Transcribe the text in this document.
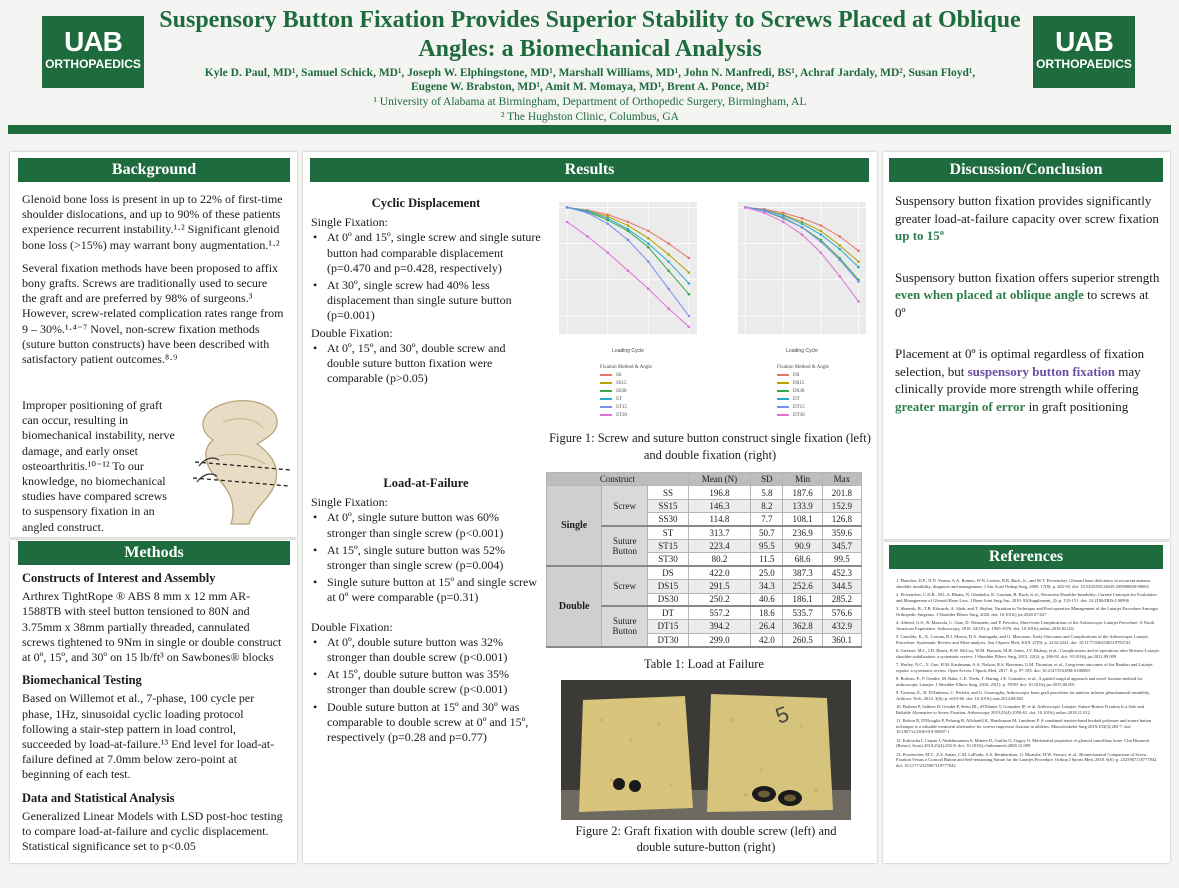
UAB
ORTHOPAEDICS
UAB
ORTHOPAEDICS
Suspensory Button Fixation Provides Superior Stability to Screws Placed at Oblique Angles: a Biomechanical Analysis
Kyle D. Paul, MD¹, Samuel Schick, MD¹, Joseph W. Elphingstone, MD¹, Marshall Williams, MD¹, John N. Manfredi, BS¹, Achraf Jardaly, MD², Susan Floyd¹,
Eugene W. Brabston, MD¹, Amit M. Momaya, MD¹, Brent A. Ponce, MD²
¹ University of Alabama at Birmingham, Department of Orthopedic Surgery, Birmingham, AL
² The Hughston Clinic, Columbus, GA
Background

Glenoid bone loss is present in up to 22% of first-time shoulder dislocations, and up to 90% of these patients experience recurrent instability.¹·² Significant glenoid bone loss (>15%) may warrant bony augmentation.¹·²

Several fixation methods have been proposed to affix bony grafts. Screws are traditionally used to secure the graft and are preferred by 98% of surgeons.³ However, screw-related complication rates range from 9 – 30%.¹·⁴⁻⁷ Novel, non-screw fixation methods (suture button constructs) have been described with satisfactory patient outcomes.⁸·⁹

Improper positioning of graft can occur, resulting in biomechanical instability, nerve damage, and early onset osteoarthritis.¹⁰⁻¹² To our knowledge, no biomechanical studies have compared screws to suspensory fixation in an angled construct.
Methods
Constructs of Interest and Assembly

Arthrex TightRope ® ABS 8 mm x 12 mm AR-1588TB with steel button tensioned to 80N and 3.75mm x 38mm partially threaded, cannulated screws tightened to 9Nm in single or double construct at 0º, 15º, and 30º on 15 lb/ft³ on Sawbones® blocks

Biomechanical Testing

Based on Willemot et al., 7-phase, 100 cycle per phase, 1Hz, sinusoidal cyclic loading protocol following a stair-step pattern in load control, succeeded by load-at-failure.¹³ End level for load-at-failure defined at 7.0mm below zero-point at beginning of each test.

Data and Statistical Analysis

Generalized Linear Models with LSD post-hoc testing to compare load-at-failure and cyclic displacement. Statistical significance set to p<0.05

Results
Cyclic Displacement
Single Fixation:
• At 0º and 15º, single screw and single suture button had comparable displacement (p=0.470 and p=0.428, respectively)
• At 30º, single screw had 40% less displacement than single suture button (p=0.001)
Double Fixation:
• At 0º, 15º, and 30º, double screw and double suture button fixation were comparable (p>0.05)
Load-at-Failure
Single Fixation:
• At 0º, single suture button was 60% stronger than single screw (p<0.001)
• At 15º, single suture button was 52% stronger than single screw (p=0.004)
• Single suture button at 15º and single screw at 0º were comparable (p=0.31)
Double Fixation:
• At 0º, double suture button was 32% stronger than double screw (p<0.001)
• At 15º, double suture button was 35% stronger than double screw (p<0.001)
• Double suture button at 15º and 30º was comparable to double screw at 0º and 15º, respectively (p=0.28 and p=0.77)
Loading Cycle	Loading Cycle
Fixation Method & Angle
SS
SS15
SS30
ST
ST15
ST30
Fixation Method & Angle
DS
DS15
DS30
DT
DT15
DT30
Figure 1: Screw and suture button construct single fixation (left) and double fixation (right)
Construct			Mean (N)	SD	Min	Max
Single	Screw	SS	196.8	5.8	187.6	201.8
		SS15	146.3	8.2	133.9	152.9
		SS30	114.8	7.7	108.1	126.8
	Suture Button	ST	313.7	50.7	236.9	359.6
		ST15	223.4	95.5	90.9	345.7
		ST30	80.2	11.5	68.6	99.5
Double	Screw	DS	422.0	25.0	387.3	452.3
		DS15	291.5	34.3	252.6	344.5
		DS30	250.2	40.6	186.1	285.2
	Suture Button	DT	557.2	18.6	535.7	576.6
		DT15	394.2	26.4	362.8	432.9
		DT30	299.0	42.0	260.5	360.1
Table 1: Load at Failure
5
Figure 2: Graft fixation with double screw (left) and double suture-button (right)
Discussion/Conclusion

Suspensory button fixation provides significantly greater load-at-failure capacity over screw fixation up to 15º

Suspensory button fixation offers superior strength even when placed at oblique angle to screws at 0º

Placement at 0º is optimal regardless of fixation selection, but suspensory button fixation may clinically provide more strength while offering greater margin of error in graft positioning

References
1. Plancher, D.P., N.N. Verma, A.A. Romeo, W.N. Levine, B.R. Bach, Jr., and M.T. Provencher, Glenoid bone deficiency in recurrent anterior shoulder instability: diagnosis and management. J Am Acad Orthop Surg, 2009. 17(8): p. 482-93. doi: 10.5435/00124635-200908000-00002
2. Provencher, C.D.R., M.L.S. Bhatia, N. Ghodadra, R. Gruman, B. Bach, et al., Recurrent Shoulder Instability: Current Concepts for Evaluation and Management of Glenoid Bone Loss. J Bone Joint Surg Am, 2010. 92(Supplement_2): p. 133-151. doi: 10.2106/JBJS.J.00906
3. Shanesh, B., T.B. Edwards, A. Shah, and T. Shybut, Variation in Technique and Post-operative Management of the Latarjet Procedure Amongst Orthopedic Surgeons. J Shoulder Elbow Surg, 2020. doi: 10.1016/j.jse.2020.07.027
4. Atlered, G.S., R. Mazzola, C. Gatz, D. Wainstein, and P. Favorito, Short-term Complications of the Arthroscopic Latarjet Procedure: A North American Experience. Arthroscopy, 2016. 32(10): p. 1965-1970. doi: 10.1016/j.arthro.2016.02.022
5. Castaldo, K., K. Corona, B.J. Morris, D.A. Santagada, and G. Maccauro, Early Outcomes and Complications of the Arthroscopic Latarjet Procedure: Systematic Review and Meta-analysis. Am J Sports Med, 2019. 47(9): p. 2232-2241. doi: 10.1177/0363546518783743
6. Griesser, M.J., J.D. Harris, B.W. McCoy, W.M. Hussain, M.H. Jones, J.Y. Bishop, et al., Complications and re-operations after Bristow-Latarjet shoulder stabilization: a systematic review. J Shoulder Elbow Surg, 2013. 22(2): p. 286-92. doi: 10.1016/j.jse.2012.09.009
7. Hurley, N.C., Y. Guo, H.M. Kaufmann, A.A. Nelson, R.S. Boorman, G.M. Thornton, et al., Long-term outcomes of the Bankart and Latarjet repairs: a systematic review. Open Access J Sports Med, 2017. 8: p. 97-105. doi: 10.2147/OAJSM.S106983
8. Boileau, P., P. Gendre, M. Baba, C.E. Thelu, T. Baring, J.E. Gonzalez, et al., A guided surgical approach and novel fixation method for arthroscopic Latarjet. J Shoulder Elbow Surg, 2016. 25(1): p. 78-89. doi: 10.1016/j.jse.2015.06.001
9. Taverna, E., R. D'Ambrosi, C. Perfetti, and G. Garavaglia, Arthroscopic bone graft procedure for anterior inferior glenohumeral instability. Arthrosc Tech, 2014. 3(6): p. e653-60. doi: 10.1016/j.eats.2014.08.002
10. Boileau P, Saliken D, Gendre P, Seeto BL, d'Ollonne T, Gonzalez JF, et al. Arthroscopic Latarjet: Suture-Button Fixation Is a Safe and Reliable Alternative to Screw Fixation. Arthroscopy 2019;35(4):1050-61. doi: 10.1016/j.arthro.2018.11.012
11. Bolvin B, D'Elouglia P, Pelsang B, Allchatell K, Hutchinson M, Landreau P. A combined tension-band hooked polyester and suture button technique is a valuable treatment alternative for screws improvise fixation in athletes. Musculoskelet Surg 2019;103(3):283-7. doi: 10.1007/s12306-019-00587-1
12. Kaloucha I, Crapin J, Abdelmoumen S, Mittere D, Guillot G, Gagey O. Mechanical properties of glenoid cancellous bone. Clin Biomech (Bristol, Avon) 2010;25(4):292-8. doi: 10.1016/j.clinbiomech.2009.12.009
13. Provencher, M.T., Z.S. Aman, C.M. LaPrade, A.S. Bernhardson, G. Moatshe, H.W. Storaci, et al., Biomechanical Comparison of Screw Fixation Versus a Cortical Button and Self-tensioning Suture for the Latarjet Procedure. Orthop J Sports Med, 2018. 6(6): p. 2325967118777842. doi: 10.1177/2325967118777842
